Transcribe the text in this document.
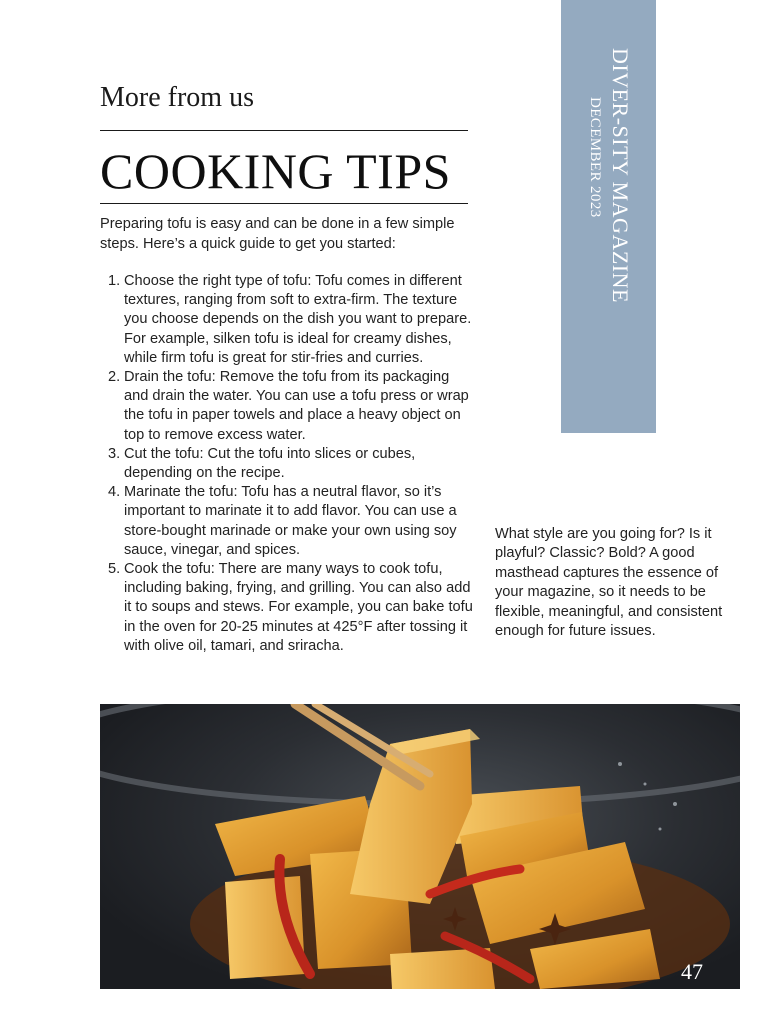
More from us
COOKING TIPS

Preparing tofu is easy and can be done in a few simple steps. Here’s a quick guide to get you started:

1. Choose the right type of tofu: Tofu comes in different textures, ranging from soft to extra-firm. The texture you choose depends on the dish you want to prepare. For example, silken tofu is ideal for creamy dishes, while firm tofu is great for stir-fries and curries.
2. Drain the tofu: Remove the tofu from its packaging and drain the water. You can use a tofu press or wrap the tofu in paper towels and place a heavy object on top to remove excess water.
3. Cut the tofu: Cut the tofu into slices or cubes, depending on the recipe.
4. Marinate the tofu: Tofu has a neutral flavor, so it’s important to marinate it to add flavor. You can use a store-bought marinade or make your own using soy sauce, vinegar, and spices.
5. Cook the tofu: There are many ways to cook tofu, including baking, frying, and grilling. You can also add it to soups and stews. For example, you can bake tofu in the oven for 20-25 minutes at 425°F after tossing it with olive oil, tamari, and sriracha.

What style are you going for? Is it playful? Classic? Bold? A good masthead captures the essence of your magazine, so it needs to be flexible, meaningful, and consistent enough for future issues.

DIVER-SITY MAGAZINE
DECEMBER 2023
47
